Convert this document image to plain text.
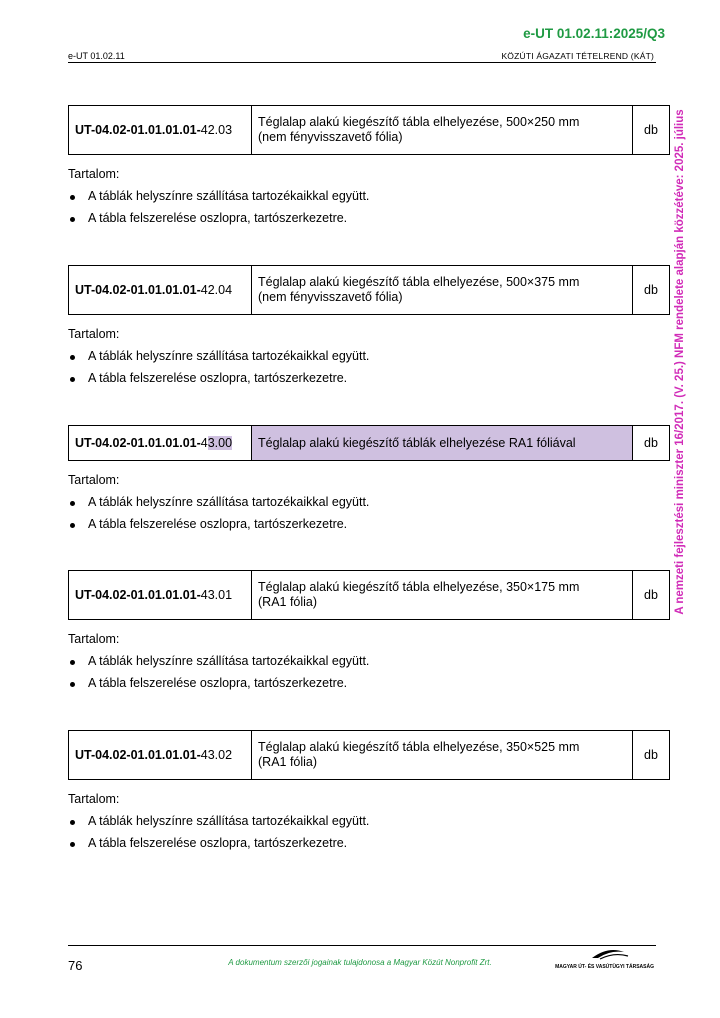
e-UT 01.02.11:2025/Q3
e-UT 01.02.11	KÖZÚTI ÁGAZATI TÉTELREND (KÁT)
A nemzeti fejlesztési miniszter 16/2017. (V. 25.) NFM rendelete alapján közzétéve: 2025. július
UT-04.02-01.01.01.01-42.03	Téglalap alakú kiegészítő tábla elhelyezése, 500×250 mm
(nem fényvisszavető fólia)	db
Tartalom:
A táblák helyszínre szállítása tartozékaikkal együtt.
A tábla felszerelése oszlopra, tartószerkezetre.
UT-04.02-01.01.01.01-42.04	Téglalap alakú kiegészítő tábla elhelyezése, 500×375 mm
(nem fényvisszavető fólia)	db
Tartalom:
A táblák helyszínre szállítása tartozékaikkal együtt.
A tábla felszerelése oszlopra, tartószerkezetre.
UT-04.02-01.01.01.01-43.00	Téglalap alakú kiegészítő táblák elhelyezése RA1 fóliával	db
Tartalom:
A táblák helyszínre szállítása tartozékaikkal együtt.
A tábla felszerelése oszlopra, tartószerkezetre.
UT-04.02-01.01.01.01-43.01	Téglalap alakú kiegészítő tábla elhelyezése, 350×175 mm
(RA1 fólia)	db
Tartalom:
A táblák helyszínre szállítása tartozékaikkal együtt.
A tábla felszerelése oszlopra, tartószerkezetre.
UT-04.02-01.01.01.01-43.02	Téglalap alakú kiegészítő tábla elhelyezése, 350×525 mm
(RA1 fólia)	db
Tartalom:
A táblák helyszínre szállítása tartozékaikkal együtt.
A tábla felszerelése oszlopra, tartószerkezetre.
76	A dokumentum szerzői jogainak tulajdonosa a Magyar Közút Nonprofit Zrt.	MAGYAR ÚT- ÉS VASÚTÜGYI TÁRSASÁG
